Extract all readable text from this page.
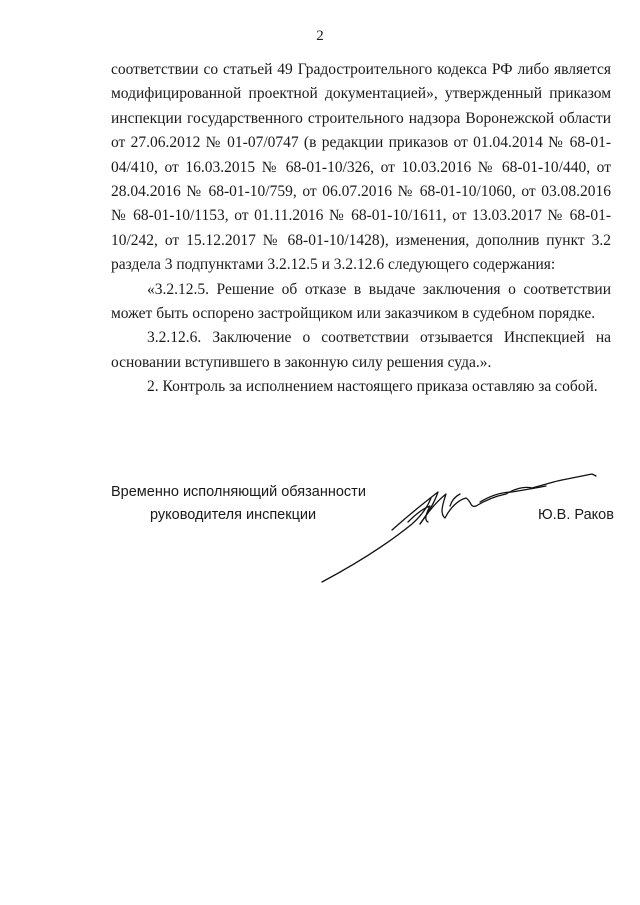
2

соответствии со статьей 49 Градостроительного кодекса РФ либо является модифицированной проектной документацией», утвержденный приказом инспекции государственного строительного надзора Воронежской области от 27.06.2012 № 01-07/0747 (в редакции приказов от 01.04.2014 № 68-01-04/410, от 16.03.2015 № 68-01-10/326, от 10.03.2016 № 68-01-10/440, от 28.04.2016 № 68-01-10/759, от 06.07.2016 № 68-01-10/1060, от 03.08.2016 № 68-01-10/1153, от 01.11.2016 № 68-01-10/1611, от 13.03.2017 № 68-01-10/242, от 15.12.2017 № 68-01-10/1428), изменения, дополнив пункт 3.2 раздела 3 подпунктами 3.2.12.5 и 3.2.12.6 следующего содержания:

«3.2.12.5. Решение об отказе в выдаче заключения о соответствии может быть оспорено застройщиком или заказчиком в судебном порядке.

3.2.12.6. Заключение о соответствии отзывается Инспекцией на основании вступившего в законную силу решения суда.».

2. Контроль за исполнением настоящего приказа оставляю за собой.

Временно исполняющий обязанности
руководителя инспекции	Ю.В. Раков
